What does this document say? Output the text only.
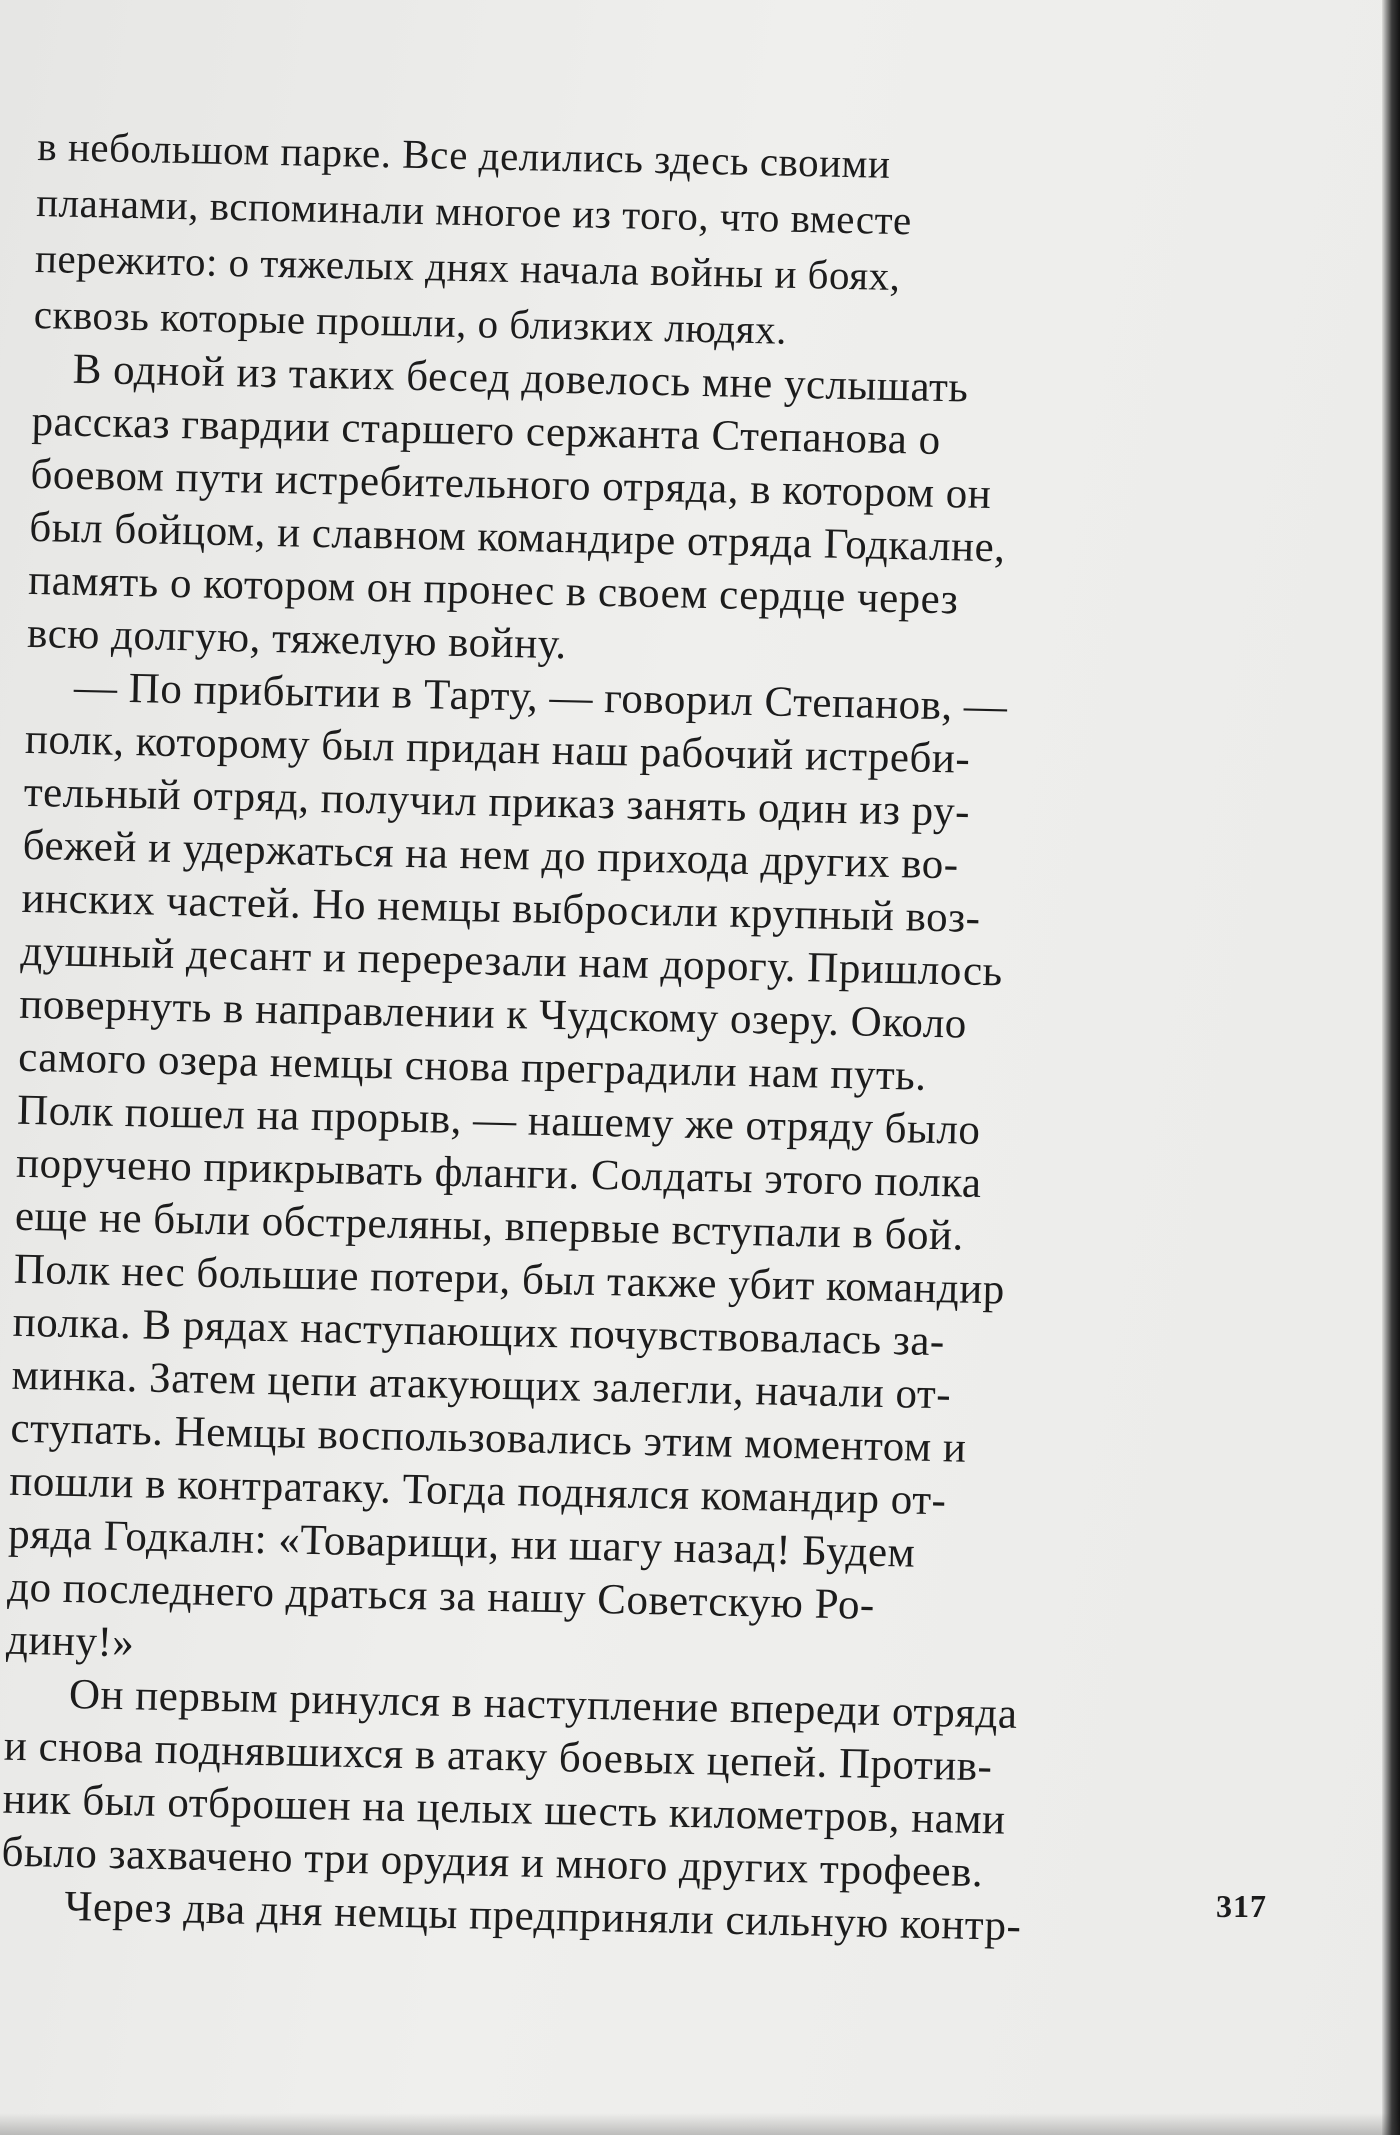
в небольшом парке. Все делились здесь своими

планами, вспоминали многое из того, что вместе

пережито: о тяжелых днях начала войны и боях,

сквозь которые прошли, о близких людях.

В одной из таких бесед довелось мне услышать

рассказ гвардии старшего сержанта Степанова о

боевом пути истребительного отряда, в котором он

был бойцом, и славном командире отряда Годкалне,

память о котором он пронес в своем сердце через

всю долгую, тяжелую войну.

— По прибытии в Тарту, — говорил Степанов, —

полк, которому был придан наш рабочий истреби-

тельный отряд, получил приказ занять один из ру-

бежей и удержаться на нем до прихода других во-

инских частей. Но немцы выбросили крупный воз-

душный десант и перерезали нам дорогу. Пришлось

повернуть в направлении к Чудскому озеру. Около

самого озера немцы снова преградили нам путь.

Полк пошел на прорыв, — нашему же отряду было

поручено прикрывать фланги. Солдаты этого полка

еще не были обстреляны, впервые вступали в бой.

Полк нес большие потери, был также убит командир

полка. В рядах наступающих почувствовалась за-

минка. Затем цепи атакующих залегли, начали от-

ступать. Немцы воспользовались этим моментом и

пошли в контратаку. Тогда поднялся командир от-

ряда Годкалн: «Товарищи, ни шагу назад! Будем

до последнего драться за нашу Советскую Ро-

дину!»

Он первым ринулся в наступление впереди отряда

и снова поднявшихся в атаку боевых цепей. Против-

ник был отброшен на целых шесть километров, нами

было захвачено три орудия и много других трофеев.

Через два дня немцы предприняли сильную контр-	317
